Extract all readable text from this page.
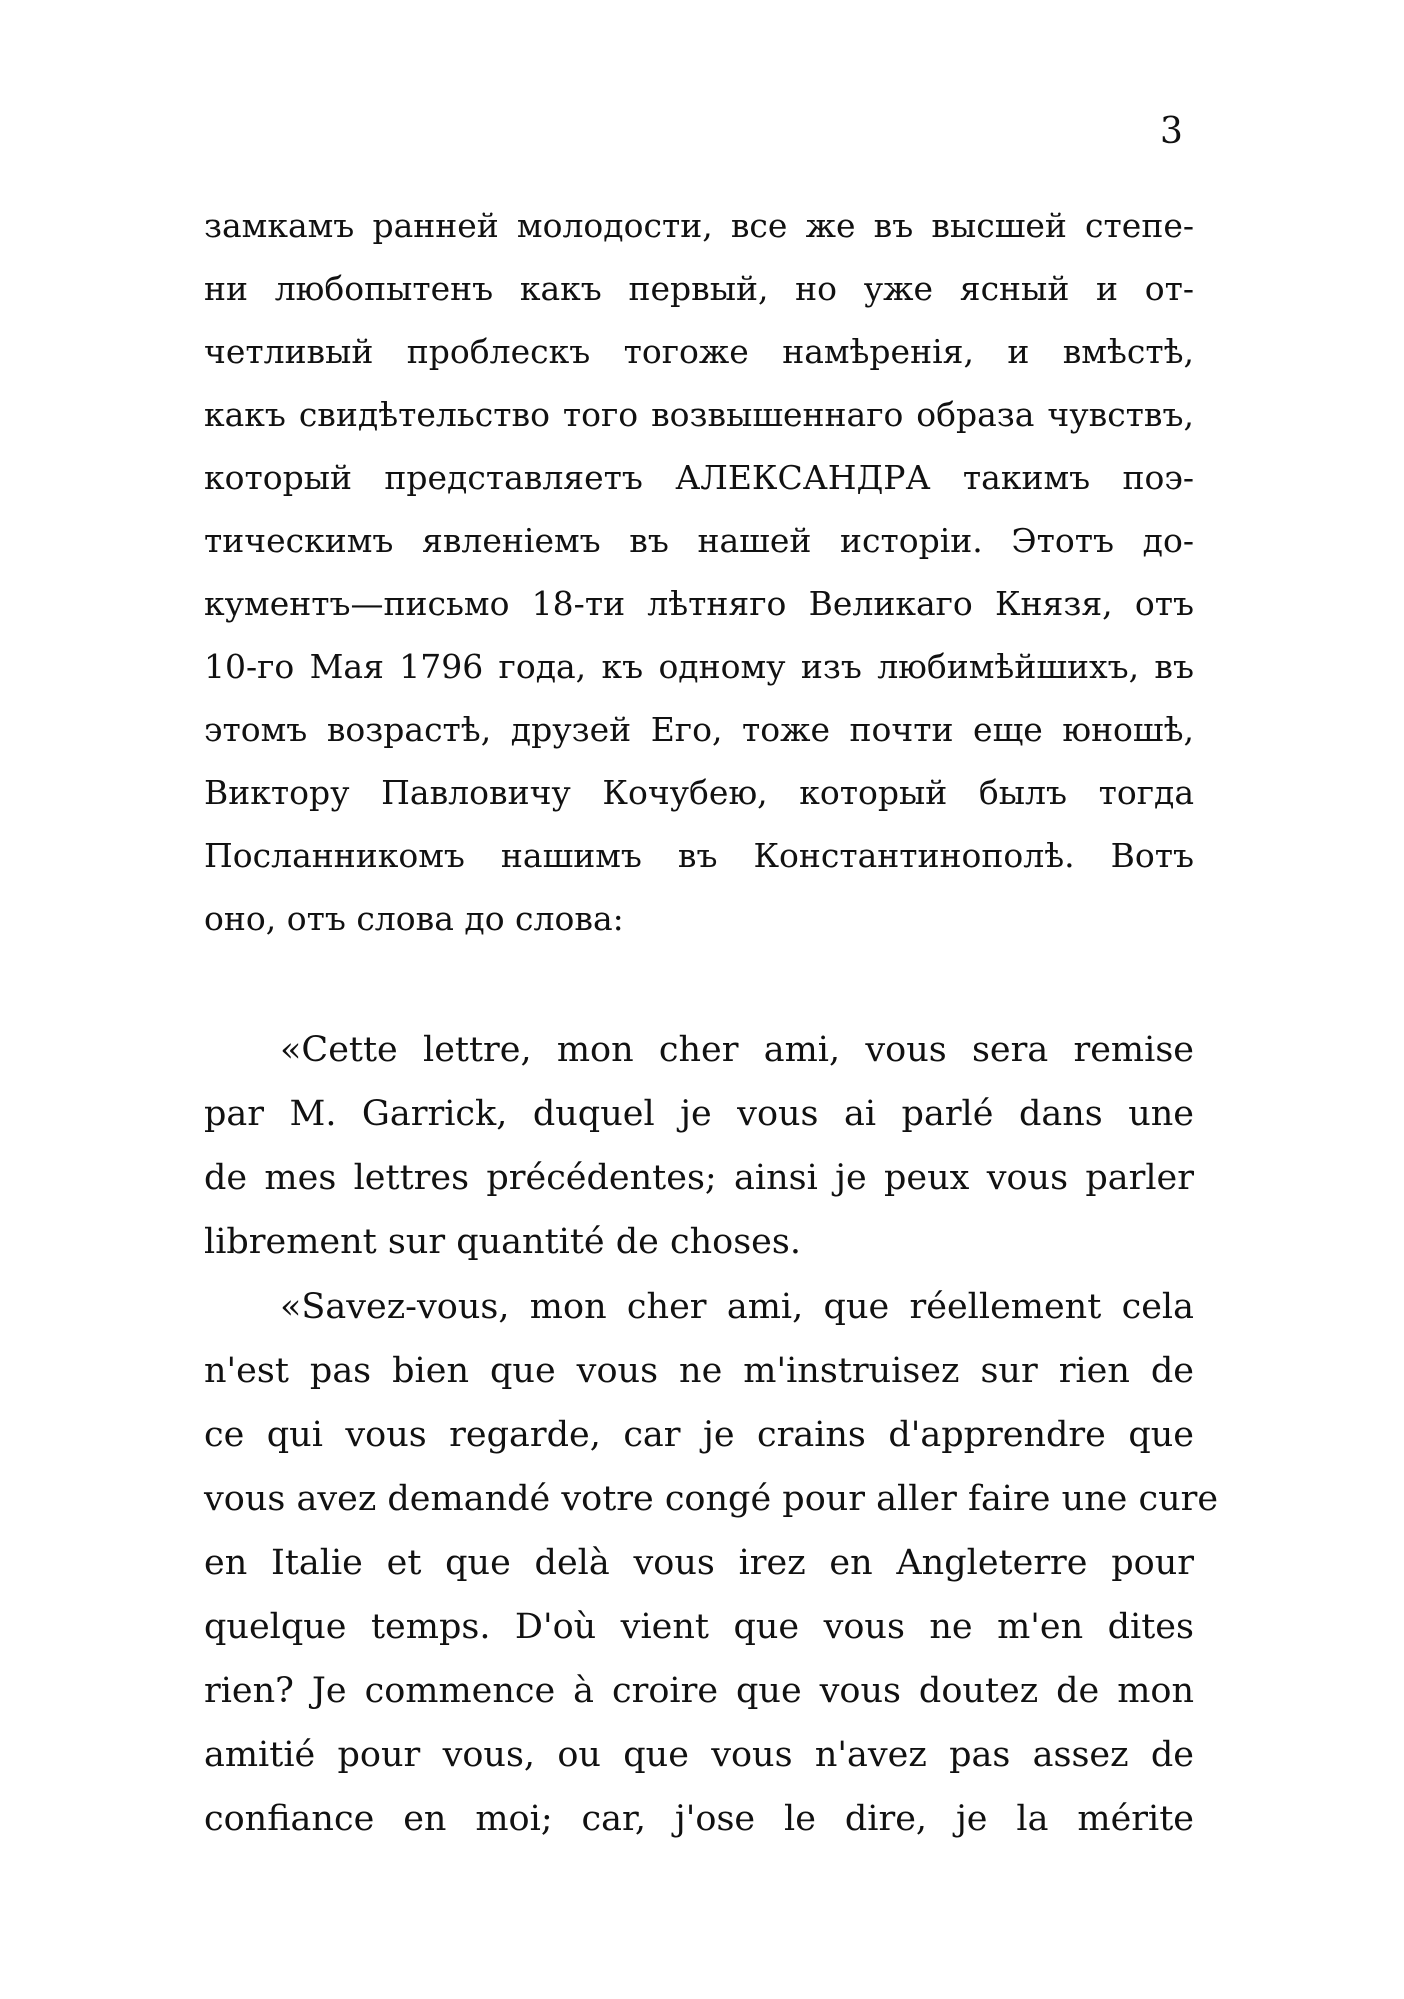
3
замкамъ ранней молодости, все же въ высшей степе-
ни любопытенъ какъ первый, но уже ясный и от-
четливый проблескъ тогоже намѣренія, и вмѣстѣ,
какъ свидѣтельство того возвышеннаго образа чувствъ,
который представляетъ АЛЕКСАНДРА такимъ поэ-
тическимъ явленіемъ въ нашей исторіи. Этотъ до-
кументъ—письмо 18-ти лѣтняго Великаго Князя, отъ
10-го Мая 1796 года, къ одному изъ любимѣйшихъ, въ
этомъ возрастѣ, друзей Его, тоже почти еще юношѣ,
Виктору Павловичу Кочубею, который былъ тогда
Посланникомъ нашимъ въ Константинополѣ. Вотъ
оно, отъ слова до слова:
«Cette lettre, mon cher ami, vous sera remise
par M. Garrick, duquel je vous ai parlé dans une
de mes lettres précédentes; ainsi je peux vous parler
librement sur quantité de choses.
«Savez-vous, mon cher ami, que réellement cela
n'est pas bien que vous ne m'instruisez sur rien de
ce qui vous regarde, car je crains d'apprendre que
vous avez demandé votre congé pour aller faire une cure
en Italie et que delà vous irez en Angleterre pour
quelque temps. D'où vient que vous ne m'en dites
rien? Je commence à croire que vous doutez de mon
amitié pour vous, ou que vous n'avez pas assez de
confiance en moi; car, j'ose le dire, je la mérite
